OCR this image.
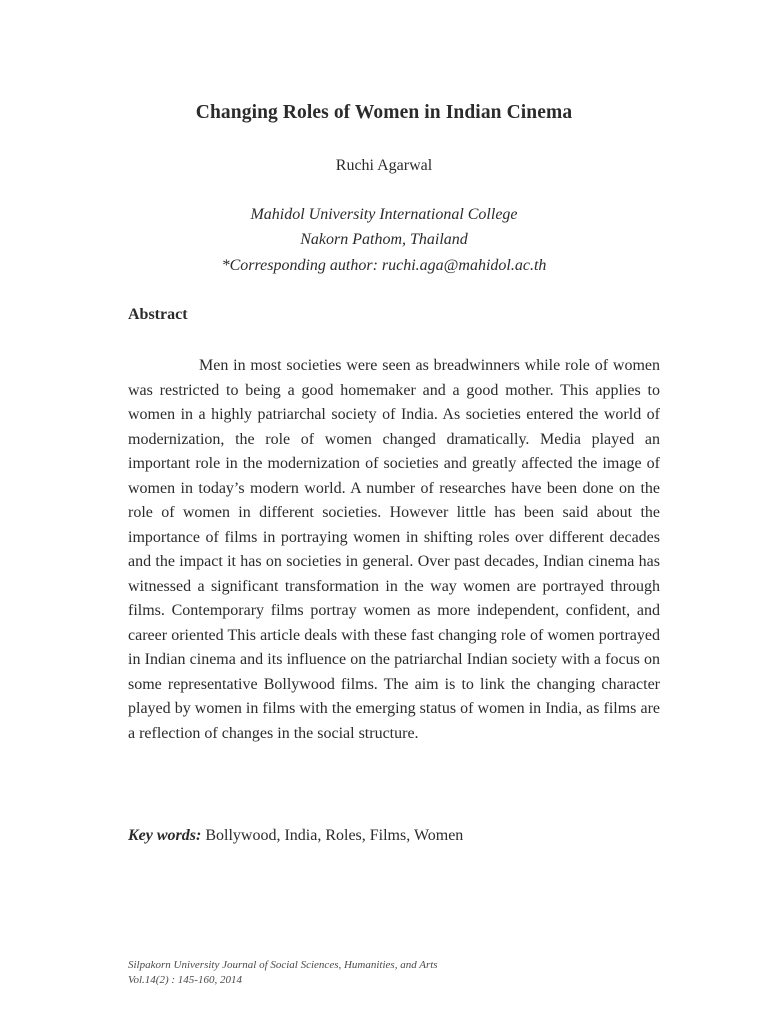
Changing Roles of Women in Indian Cinema
Ruchi Agarwal
Mahidol University International College
Nakorn Pathom, Thailand
*Corresponding author: ruchi.aga@mahidol.ac.th
Abstract

Men in most societies were seen as breadwinners while role of women was restricted to being a good homemaker and a good mother. This applies to women in a highly patriarchal society of India. As societies entered the world of modernization, the role of women changed dramatically. Media played an important role in the modernization of societies and greatly affected the image of women in today’s modern world. A number of researches have been done on the role of women in different societies. However little has been said about the importance of films in portraying women in shifting roles over different decades and the impact it has on societies in general. Over past decades, Indian cinema has witnessed a significant transformation in the way women are portrayed through films. Contemporary films portray women as more independent, confident, and career oriented This article deals with these fast changing role of women portrayed in Indian cinema and its influence on the patriarchal Indian society with a focus on some representative Bollywood films. The aim is to link the changing character played by women in films with the emerging status of women in India, as films are a reflection of changes in the social structure.

Key words: Bollywood, India, Roles, Films, Women
Silpakorn University Journal of Social Sciences, Humanities, and Arts
Vol.14(2) : 145-160, 2014
